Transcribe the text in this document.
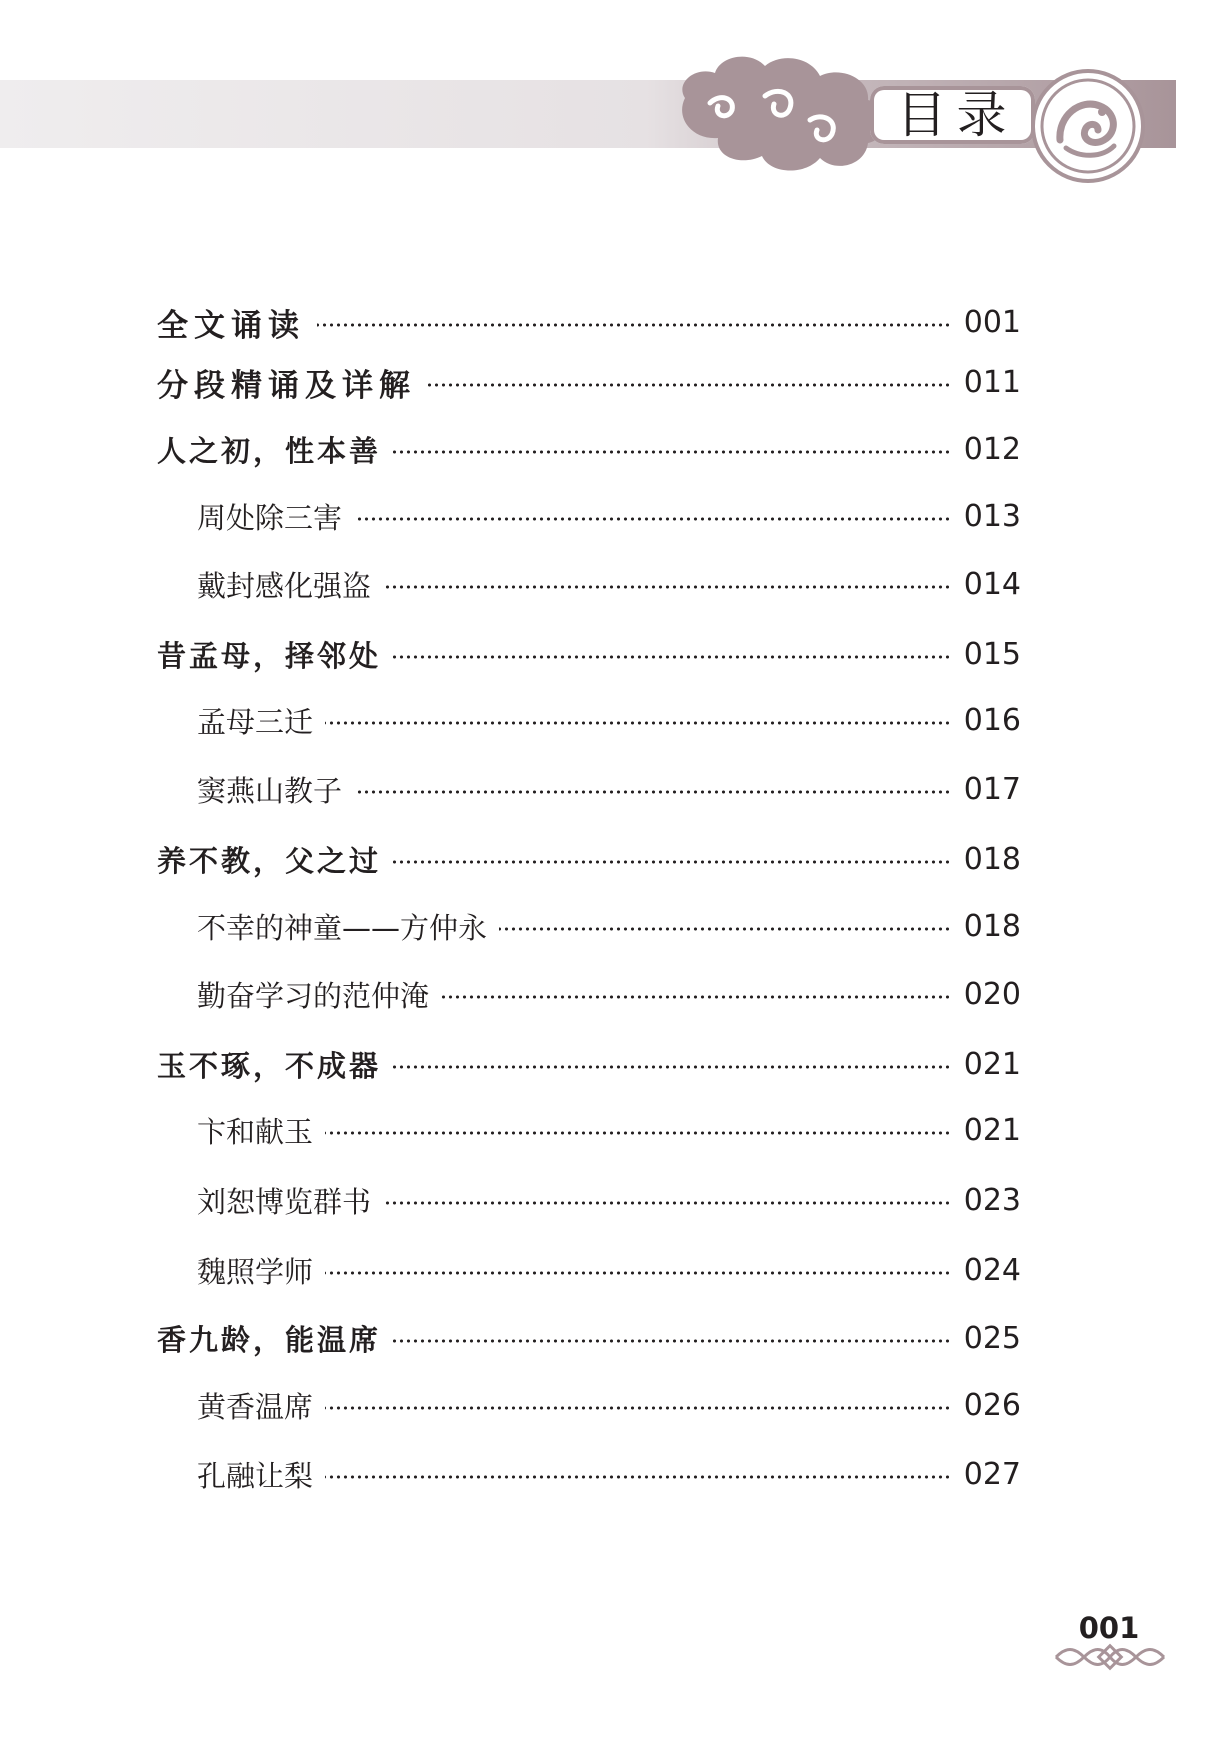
目录
全文诵读	001
分段精诵及详解	011
人之初，性本善	012
周处除三害	013
戴封感化强盗	014
昔孟母，择邻处	015
孟母三迁	016
窦燕山教子	017
养不教，父之过	018
不幸的神童——方仲永	018
勤奋学习的范仲淹	020
玉不琢，不成器	021
卞和献玉	021
刘恕博览群书	023
魏照学师	024
香九龄，能温席	025
黄香温席	026
孔融让梨	027
001
